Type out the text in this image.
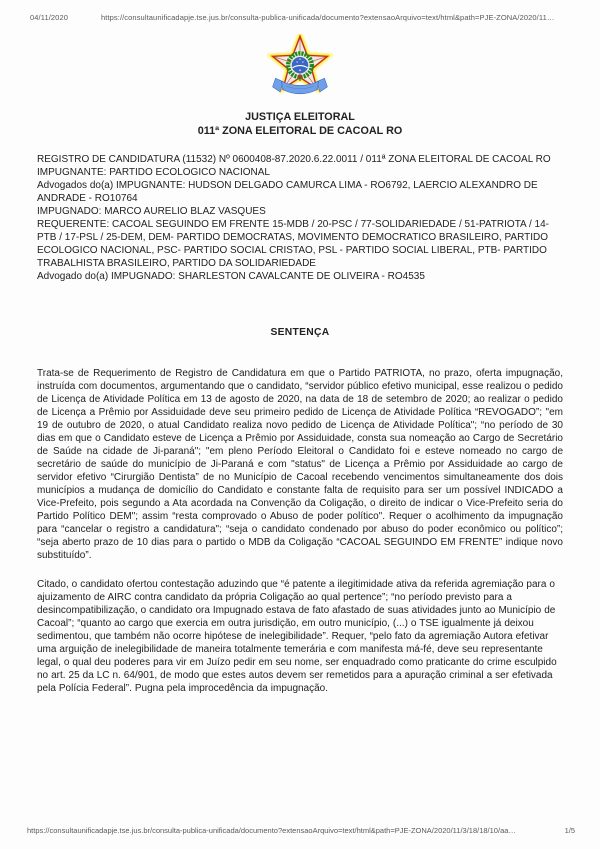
04/11/2020	https://consultaunificadapje.tse.jus.br/consulta-publica-unificada/documento?extensaoArquivo=text/html&path=PJE-ZONA/2020/11…
JUSTIÇA ELEITORAL
011ª ZONA ELEITORAL DE CACOAL RO
REGISTRO DE CANDIDATURA (11532) Nº 0600408-87.2020.6.22.0011 / 011ª ZONA ELEITORAL DE CACOAL RO
IMPUGNANTE: PARTIDO ECOLOGICO NACIONAL
Advogados do(a) IMPUGNANTE: HUDSON DELGADO CAMURCA LIMA - RO6792, LAERCIO ALEXANDRO DE ANDRADE - RO10764
IMPUGNADO: MARCO AURELIO BLAZ VASQUES
REQUERENTE: CACOAL SEGUINDO EM FRENTE 15-MDB / 20-PSC / 77-SOLIDARIEDADE / 51-PATRIOTA / 14-PTB / 17-PSL / 25-DEM, DEM- PARTIDO DEMOCRATAS, MOVIMENTO DEMOCRATICO BRASILEIRO, PARTIDO ECOLOGICO NACIONAL, PSC- PARTIDO SOCIAL CRISTAO, PSL - PARTIDO SOCIAL LIBERAL, PTB- PARTIDO TRABALHISTA BRASILEIRO, PARTIDO DA SOLIDARIEDADE
Advogado do(a) IMPUGNADO: SHARLESTON CAVALCANTE DE OLIVEIRA - RO4535
SENTENÇA

Trata-se de Requerimento de Registro de Candidatura em que o Partido PATRIOTA, no prazo, oferta impugnação, instruída com documentos, argumentando que o candidato, “servidor público efetivo municipal, esse realizou o pedido de Licença de Atividade Política em 13 de agosto de 2020, na data de 18 de setembro de 2020; ao realizar o pedido de Licença a Prêmio por Assiduidade deve seu primeiro pedido de Licença de Atividade Política “REVOGADO”; "em 19 de outubro de 2020, o atual Candidato realiza novo pedido de Licença de Atividade Política"; “no período de 30 dias em que o Candidato esteve de Licença a Prêmio por Assiduidade, consta sua nomeação ao Cargo de Secretário de Saúde na cidade de Ji-paraná"; "em pleno Período Eleitoral o Candidato foi e esteve nomeado no cargo de secretário de saúde do município de Ji-Paraná e com "status" de Licença a Prêmio por Assiduidade ao cargo de servidor efetivo “Cirurgião Dentista” de no Município de Cacoal recebendo vencimentos simultaneamente dos dois municípios a mudança de domicílio do Candidato e constante falta de requisito para ser um possível INDICADO a Vice-Prefeito, pois segundo a Ata acordada na Convenção da Coligação, o direito de indicar o Vice-Prefeito seria do Partido Político DEM"; assim “resta comprovado o Abuso de poder político". Requer o acolhimento da impugnação para “cancelar o registro a candidatura"; “seja o candidato condenado por abuso do poder econômico ou político”; “seja aberto prazo de 10 dias para o partido o MDB da Coligação “CACOAL SEGUINDO EM FRENTE” indique novo substituído”.

Citado, o candidato ofertou contestação aduzindo que “é patente a ilegitimidade ativa da referida agremiação para o ajuizamento de AIRC contra candidato da própria Coligação ao qual pertence”; “no período previsto para a desincompatibilização, o candidato ora Impugnado estava de fato afastado de suas atividades junto ao Município de Cacoal”; “quanto ao cargo que exercia em outra jurisdição, em outro município, (...) o TSE igualmente já deixou sedimentou, que também não ocorre hipótese de inelegibilidade”. Requer, “pelo fato da agremiação Autora efetivar uma arguição de inelegibilidade de maneira totalmente temerária e com manifesta má-fé, deve seu representante legal, o qual deu poderes para vir em Juízo pedir em seu nome, ser enquadrado como praticante do crime esculpido no art. 25 da LC n. 64/901, de modo que estes autos devem ser remetidos para a apuração criminal a ser efetivada pela Polícia Federal”. Pugna pela improcedência da impugnação.

https://consultaunificadapje.tse.jus.br/consulta-publica-unificada/documento?extensaoArquivo=text/html&path=PJE-ZONA/2020/11/3/18/18/10/aa…	1/5
